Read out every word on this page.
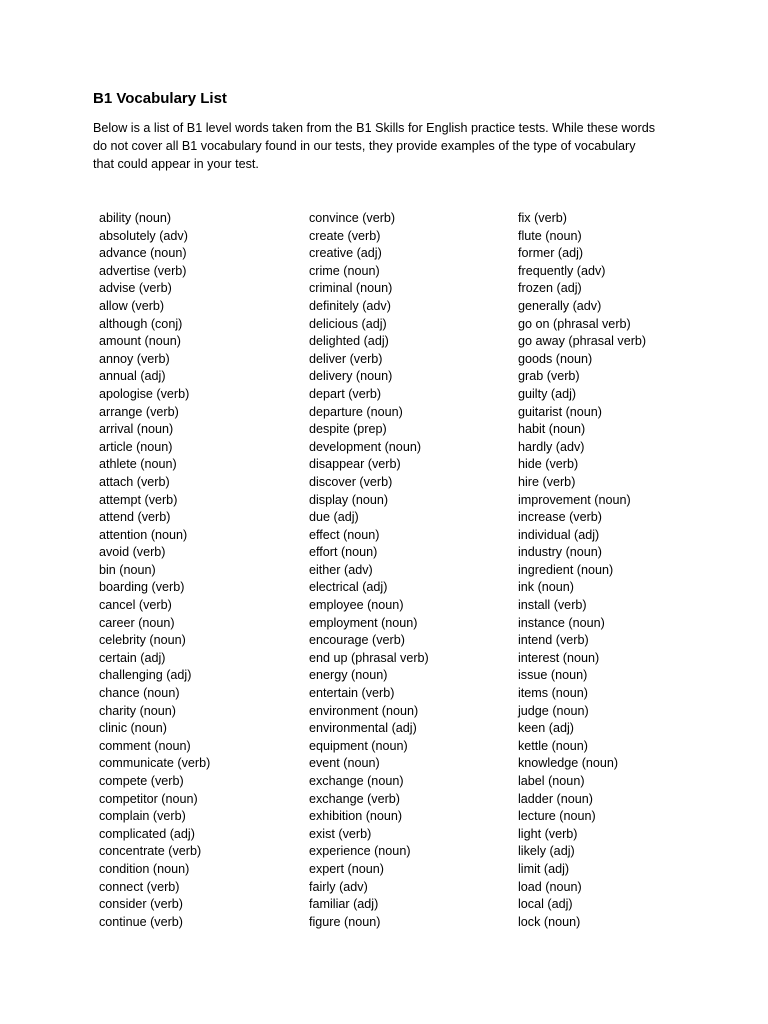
B1 Vocabulary List
Below is a list of B1 level words taken from the B1 Skills for English practice tests. While these words
do not cover all B1 vocabulary found in our tests, they provide examples of the type of vocabulary
that could appear in your test.
ability (noun)
absolutely (adv)
advance (noun)
advertise (verb)
advise (verb)
allow (verb)
although (conj)
amount (noun)
annoy (verb)
annual (adj)
apologise (verb)
arrange (verb)
arrival (noun)
article (noun)
athlete (noun)
attach (verb)
attempt (verb)
attend (verb)
attention (noun)
avoid (verb)
bin (noun)
boarding (verb)
cancel (verb)
career (noun)
celebrity (noun)
certain (adj)
challenging (adj)
chance (noun)
charity (noun)
clinic (noun)
comment (noun)
communicate (verb)
compete (verb)
competitor (noun)
complain (verb)
complicated (adj)
concentrate (verb)
condition (noun)
connect (verb)
consider (verb)
continue (verb)
convince (verb)
create (verb)
creative (adj)
crime (noun)
criminal (noun)
definitely (adv)
delicious (adj)
delighted (adj)
deliver (verb)
delivery (noun)
depart (verb)
departure (noun)
despite (prep)
development (noun)
disappear (verb)
discover (verb)
display (noun)
due (adj)
effect (noun)
effort (noun)
either (adv)
electrical (adj)
employee (noun)
employment (noun)
encourage (verb)
end up (phrasal verb)
energy (noun)
entertain (verb)
environment (noun)
environmental (adj)
equipment (noun)
event (noun)
exchange (noun)
exchange (verb)
exhibition (noun)
exist (verb)
experience (noun)
expert (noun)
fairly (adv)
familiar (adj)
figure (noun)
fix (verb)
flute (noun)
former (adj)
frequently (adv)
frozen (adj)
generally (adv)
go on (phrasal verb)
go away (phrasal verb)
goods (noun)
grab (verb)
guilty (adj)
guitarist (noun)
habit (noun)
hardly (adv)
hide (verb)
hire (verb)
improvement (noun)
increase (verb)
individual (adj)
industry (noun)
ingredient (noun)
ink (noun)
install (verb)
instance (noun)
intend (verb)
interest (noun)
issue (noun)
items (noun)
judge (noun)
keen (adj)
kettle (noun)
knowledge (noun)
label (noun)
ladder (noun)
lecture (noun)
light (verb)
likely (adj)
limit (adj)
load (noun)
local (adj)
lock (noun)
